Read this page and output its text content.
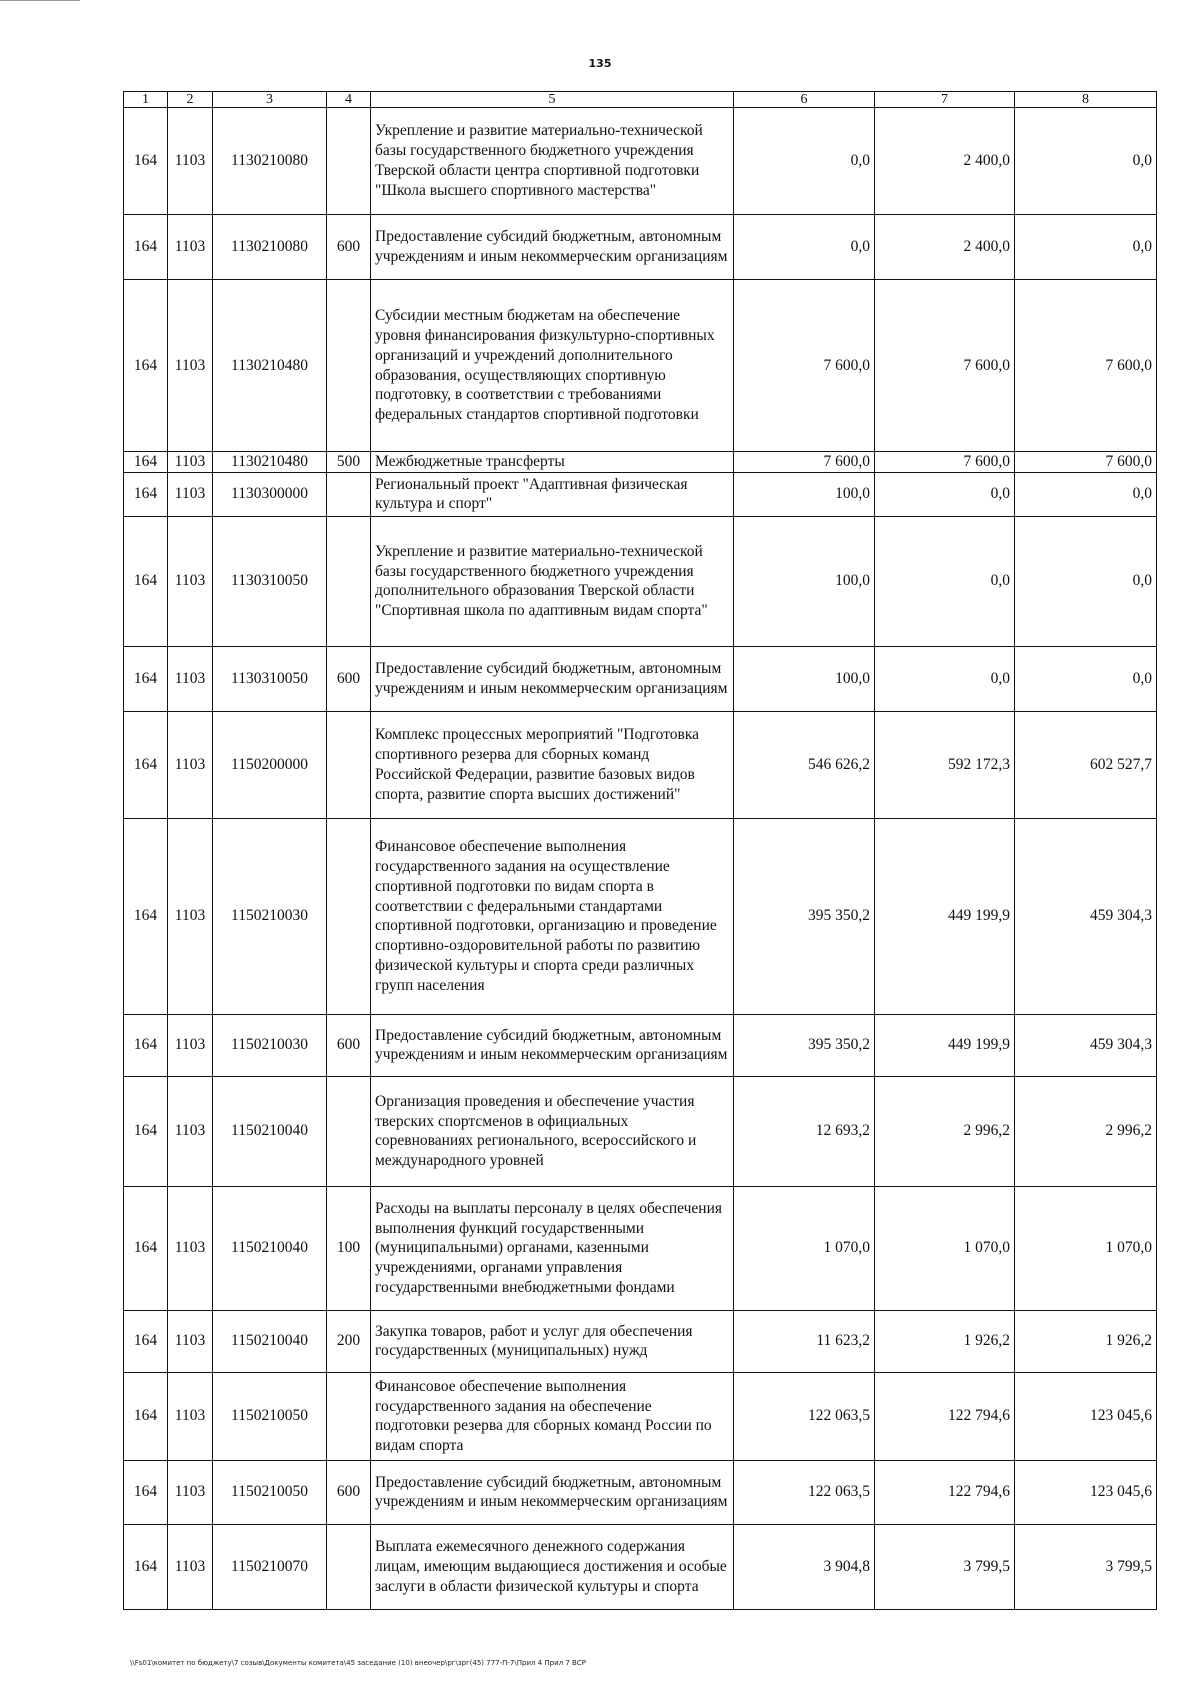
135
1	2	3	4	5	6	7	8
164	1103	1130210080		Укрепление и развитие материально-технической базы государственного бюджетного учреждения Тверской области центра спортивной подготовки "Школа высшего спортивного мастерства"	0,0	2 400,0	0,0
164	1103	1130210080	600	Предоставление субсидий бюджетным, автономным учреждениям и иным некоммерческим организациям	0,0	2 400,0	0,0
164	1103	1130210480		Субсидии местным бюджетам на обеспечение уровня финансирования физкультурно-спортивных организаций и учреждений дополнительного образования, осуществляющих спортивную подготовку, в соответствии с требованиями федеральных стандартов спортивной подготовки	7 600,0	7 600,0	7 600,0
164	1103	1130210480	500	Межбюджетные трансферты	7 600,0	7 600,0	7 600,0
164	1103	1130300000		Региональный проект "Адаптивная физическая культура и спорт"	100,0	0,0	0,0
164	1103	1130310050		Укрепление и развитие материально-технической базы государственного бюджетного учреждения дополнительного образования Тверской области "Спортивная школа по адаптивным видам спорта"	100,0	0,0	0,0
164	1103	1130310050	600	Предоставление субсидий бюджетным, автономным учреждениям и иным некоммерческим организациям	100,0	0,0	0,0
164	1103	1150200000		Комплекс процессных мероприятий "Подготовка спортивного резерва для сборных команд Российской Федерации, развитие базовых видов спорта, развитие спорта высших достижений"	546 626,2	592 172,3	602 527,7
164	1103	1150210030		Финансовое обеспечение выполнения государственного задания на осуществление спортивной подготовки по видам спорта в соответствии с федеральными стандартами спортивной подготовки, организацию и проведение спортивно-оздоровительной работы по развитию физической культуры и спорта среди различных групп населения	395 350,2	449 199,9	459 304,3
164	1103	1150210030	600	Предоставление субсидий бюджетным, автономным учреждениям и иным некоммерческим организациям	395 350,2	449 199,9	459 304,3
164	1103	1150210040		Организация проведения и обеспечение участия тверских спортсменов в официальных соревнованиях регионального, всероссийского и международного уровней	12 693,2	2 996,2	2 996,2
164	1103	1150210040	100	Расходы на выплаты персоналу в целях обеспечения выполнения функций государственными (муниципальными) органами, казенными учреждениями, органами управления государственными внебюджетными фондами	1 070,0	1 070,0	1 070,0
164	1103	1150210040	200	Закупка товаров, работ и услуг для обеспечения государственных (муниципальных) нужд	11 623,2	1 926,2	1 926,2
164	1103	1150210050		Финансовое обеспечение выполнения государственного задания на обеспечение подготовки резерва для сборных команд России по видам спорта	122 063,5	122 794,6	123 045,6
164	1103	1150210050	600	Предоставление субсидий бюджетным, автономным учреждениям и иным некоммерческим организациям	122 063,5	122 794,6	123 045,6
164	1103	1150210070		Выплата ежемесячного денежного содержания лицам, имеющим выдающиеся достижения и особые заслуги в области физической культуры и спорта	3 904,8	3 799,5	3 799,5
\\Fs01\комитет по бюджету\7 созыв\Документы комитета\45 заседание (10) внеочер\рг\зрг(45) 777-П-7\Прил 4 Прил 7 ВСР
